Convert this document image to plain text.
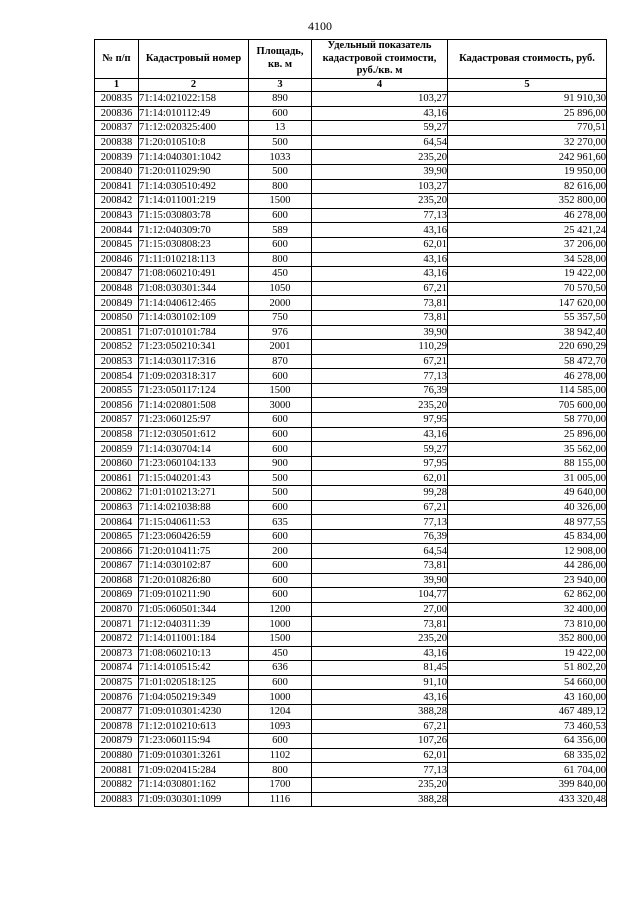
4100
№ п/п	Кадастровый номер	Площадь, кв. м	Удельный показатель кадастровой стоимости, руб./кв. м	Кадастровая стоимость, руб.
1	2	3	4	5
200835	71:14:021022:158	890	103,27	91 910,30
200836	71:14:010112:49	600	43,16	25 896,00
200837	71:12:020325:400	13	59,27	770,51
200838	71:20:010510:8	500	64,54	32 270,00
200839	71:14:040301:1042	1033	235,20	242 961,60
200840	71:20:011029:90	500	39,90	19 950,00
200841	71:14:030510:492	800	103,27	82 616,00
200842	71:14:011001:219	1500	235,20	352 800,00
200843	71:15:030803:78	600	77,13	46 278,00
200844	71:12:040309:70	589	43,16	25 421,24
200845	71:15:030808:23	600	62,01	37 206,00
200846	71:11:010218:113	800	43,16	34 528,00
200847	71:08:060210:491	450	43,16	19 422,00
200848	71:08:030301:344	1050	67,21	70 570,50
200849	71:14:040612:465	2000	73,81	147 620,00
200850	71:14:030102:109	750	73,81	55 357,50
200851	71:07:010101:784	976	39,90	38 942,40
200852	71:23:050210:341	2001	110,29	220 690,29
200853	71:14:030117:316	870	67,21	58 472,70
200854	71:09:020318:317	600	77,13	46 278,00
200855	71:23:050117:124	1500	76,39	114 585,00
200856	71:14:020801:508	3000	235,20	705 600,00
200857	71:23:060125:97	600	97,95	58 770,00
200858	71:12:030501:612	600	43,16	25 896,00
200859	71:14:030704:14	600	59,27	35 562,00
200860	71:23:060104:133	900	97,95	88 155,00
200861	71:15:040201:43	500	62,01	31 005,00
200862	71:01:010213:271	500	99,28	49 640,00
200863	71:14:021038:88	600	67,21	40 326,00
200864	71:15:040611:53	635	77,13	48 977,55
200865	71:23:060426:59	600	76,39	45 834,00
200866	71:20:010411:75	200	64,54	12 908,00
200867	71:14:030102:87	600	73,81	44 286,00
200868	71:20:010826:80	600	39,90	23 940,00
200869	71:09:010211:90	600	104,77	62 862,00
200870	71:05:060501:344	1200	27,00	32 400,00
200871	71:12:040311:39	1000	73,81	73 810,00
200872	71:14:011001:184	1500	235,20	352 800,00
200873	71:08:060210:13	450	43,16	19 422,00
200874	71:14:010515:42	636	81,45	51 802,20
200875	71:01:020518:125	600	91,10	54 660,00
200876	71:04:050219:349	1000	43,16	43 160,00
200877	71:09:010301:4230	1204	388,28	467 489,12
200878	71:12:010210:613	1093	67,21	73 460,53
200879	71:23:060115:94	600	107,26	64 356,00
200880	71:09:010301:3261	1102	62,01	68 335,02
200881	71:09:020415:284	800	77,13	61 704,00
200882	71:14:030801:162	1700	235,20	399 840,00
200883	71:09:030301:1099	1116	388,28	433 320,48
